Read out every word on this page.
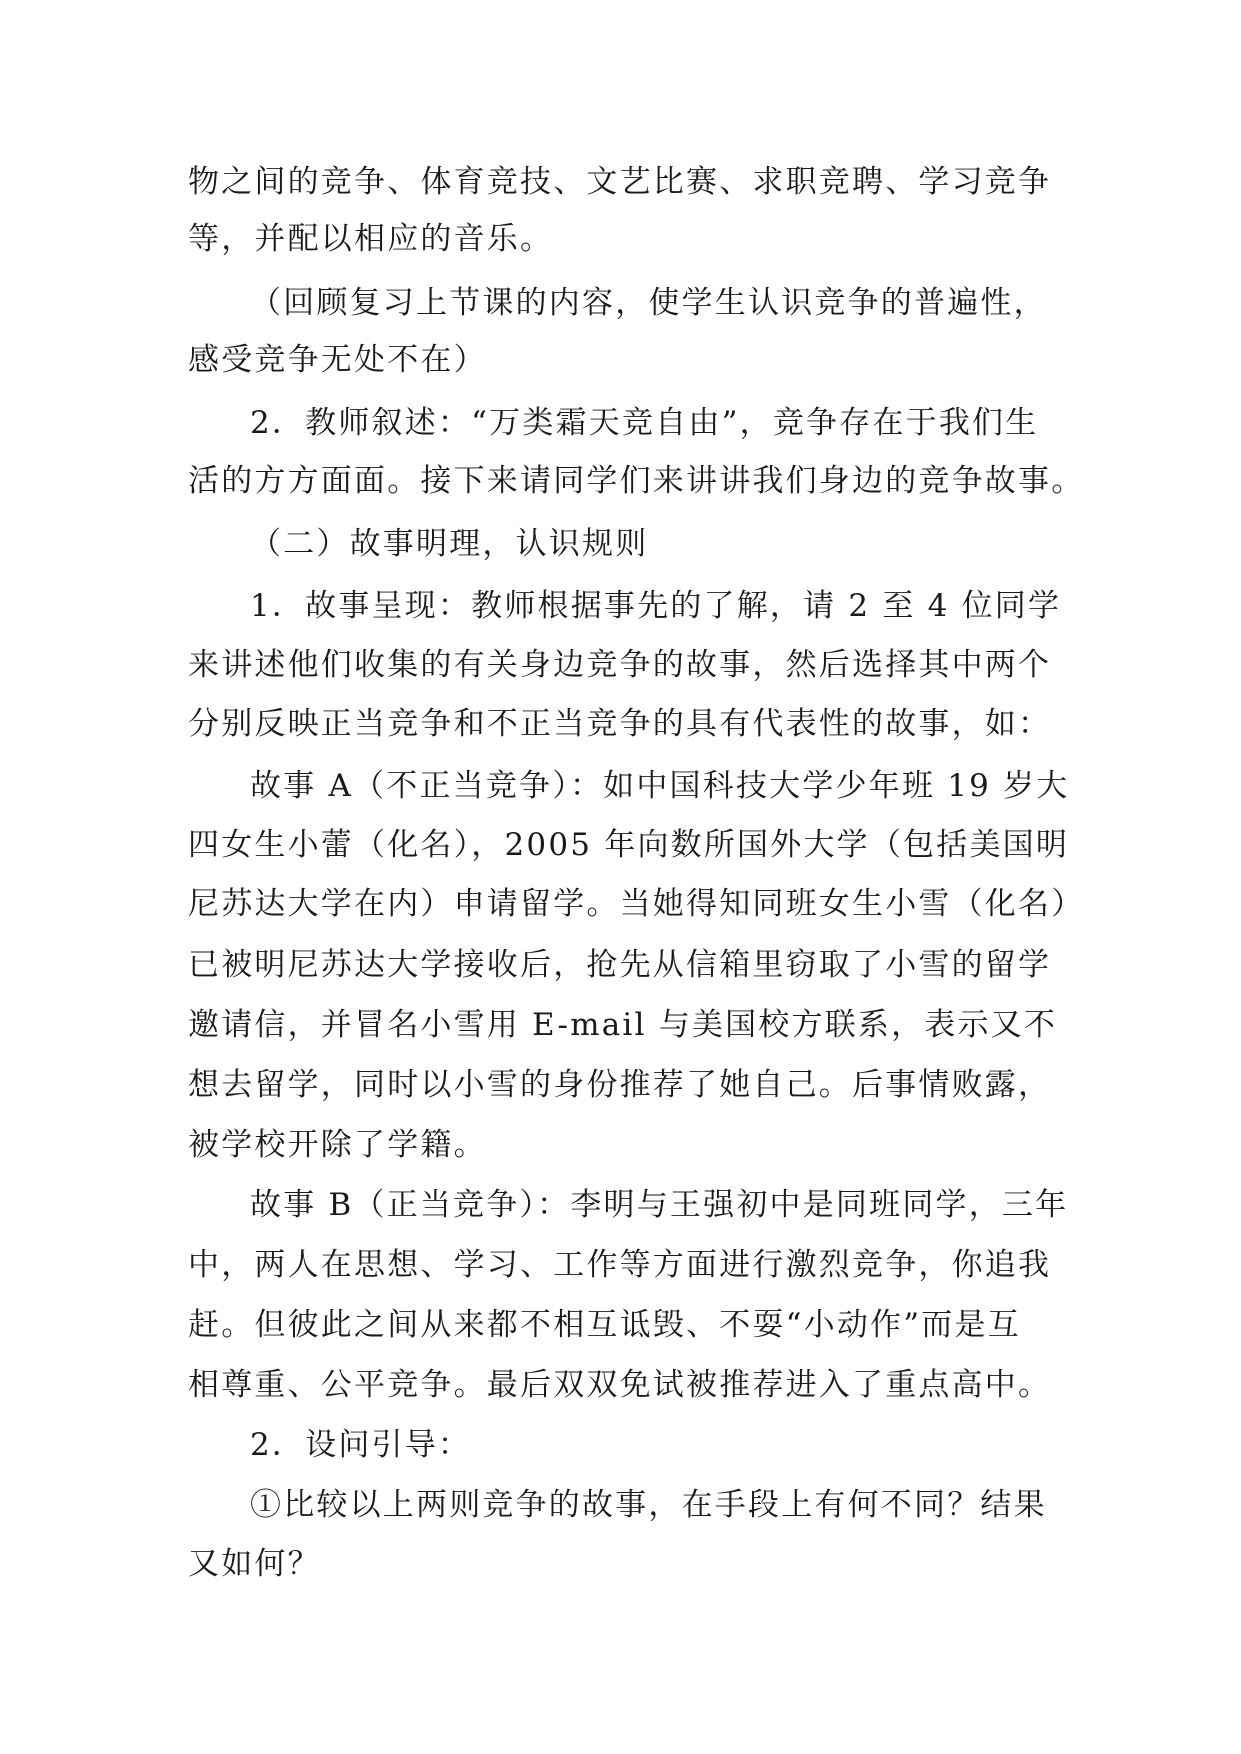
物之间的竞争、体育竞技、文艺比赛、求职竞聘、学习竞争
等，并配以相应的音乐。
（回顾复习上节课的内容，使学生认识竞争的普遍性，
感受竞争无处不在）
2．教师叙述：“万类霜天竞自由”，竞争存在于我们生
活的方方面面。接下来请同学们来讲讲我们身边的竞争故事。
（二）故事明理，认识规则
1．故事呈现：教师根据事先的了解，请 2 至 4 位同学
来讲述他们收集的有关身边竞争的故事，然后选择其中两个
分别反映正当竞争和不正当竞争的具有代表性的故事，如：
故事 A（不正当竞争）：如中国科技大学少年班 19 岁大
四女生小蕾（化名），2005 年向数所国外大学（包括美国明
尼苏达大学在内）申请留学。当她得知同班女生小雪（化名）
已被明尼苏达大学接收后，抢先从信箱里窃取了小雪的留学
邀请信，并冒名小雪用 E-mail 与美国校方联系，表示又不
想去留学，同时以小雪的身份推荐了她自己。后事情败露，
被学校开除了学籍。
故事 B（正当竞争）：李明与王强初中是同班同学，三年
中，两人在思想、学习、工作等方面进行激烈竞争，你追我
赶。但彼此之间从来都不相互诋毁、不耍“小动作”而是互
相尊重、公平竞争。最后双双免试被推荐进入了重点高中。
2．设问引导：
①比较以上两则竞争的故事，在手段上有何不同？结果
又如何？
